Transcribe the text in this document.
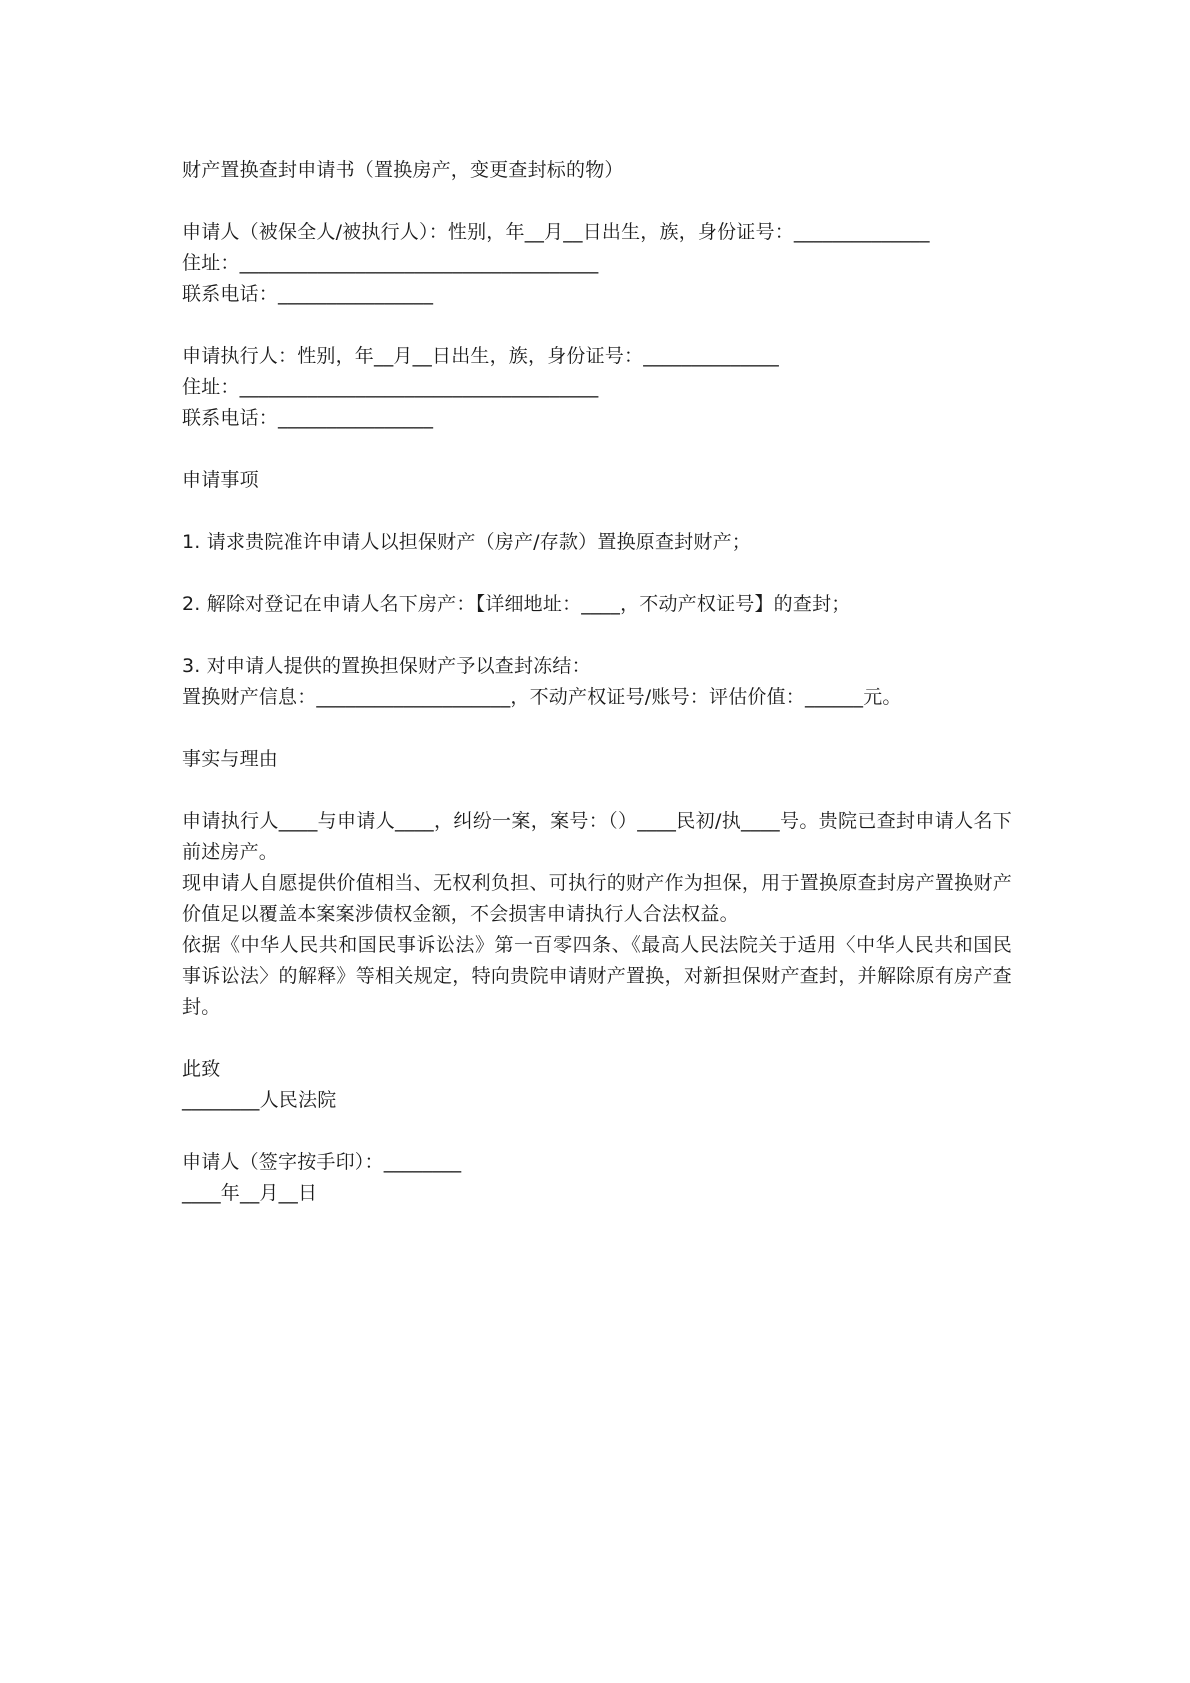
财产置换查封申请书（置换房产，变更查封标的物）
申请人（被保全人/被执行人）：性别，年__月__日出生，族，身份证号：______________
住址：_____________________________________
联系电话：________________
申请执行人：性别，年__月__日出生，族，身份证号：______________
住址：_____________________________________
联系电话：________________
申请事项
1. 请求贵院准许申请人以担保财产（房产/存款）置换原查封财产；
2. 解除对登记在申请人名下房产：【详细地址：____，不动产权证号】的查封；
3. 对申请人提供的置换担保财产予以查封冻结：
置换财产信息：____________________，不动产权证号/账号：评估价值：______元。
事实与理由
申请执行人____与申请人____，纠纷一案，案号：（）____民初/执____号。贵院已查封申请人名下前述房产。
现申请人自愿提供价值相当、无权利负担、可执行的财产作为担保，用于置换原查封房产置换财产价值足以覆盖本案案涉债权金额，不会损害申请执行人合法权益。
依据《中华人民共和国民事诉讼法》第一百零四条、《最高人民法院关于适用〈中华人民共和国民事诉讼法〉的解释》等相关规定，特向贵院申请财产置换，对新担保财产查封，并解除原有房产查封。
此致
________人民法院
申请人（签字按手印）：________
____年__月__日
